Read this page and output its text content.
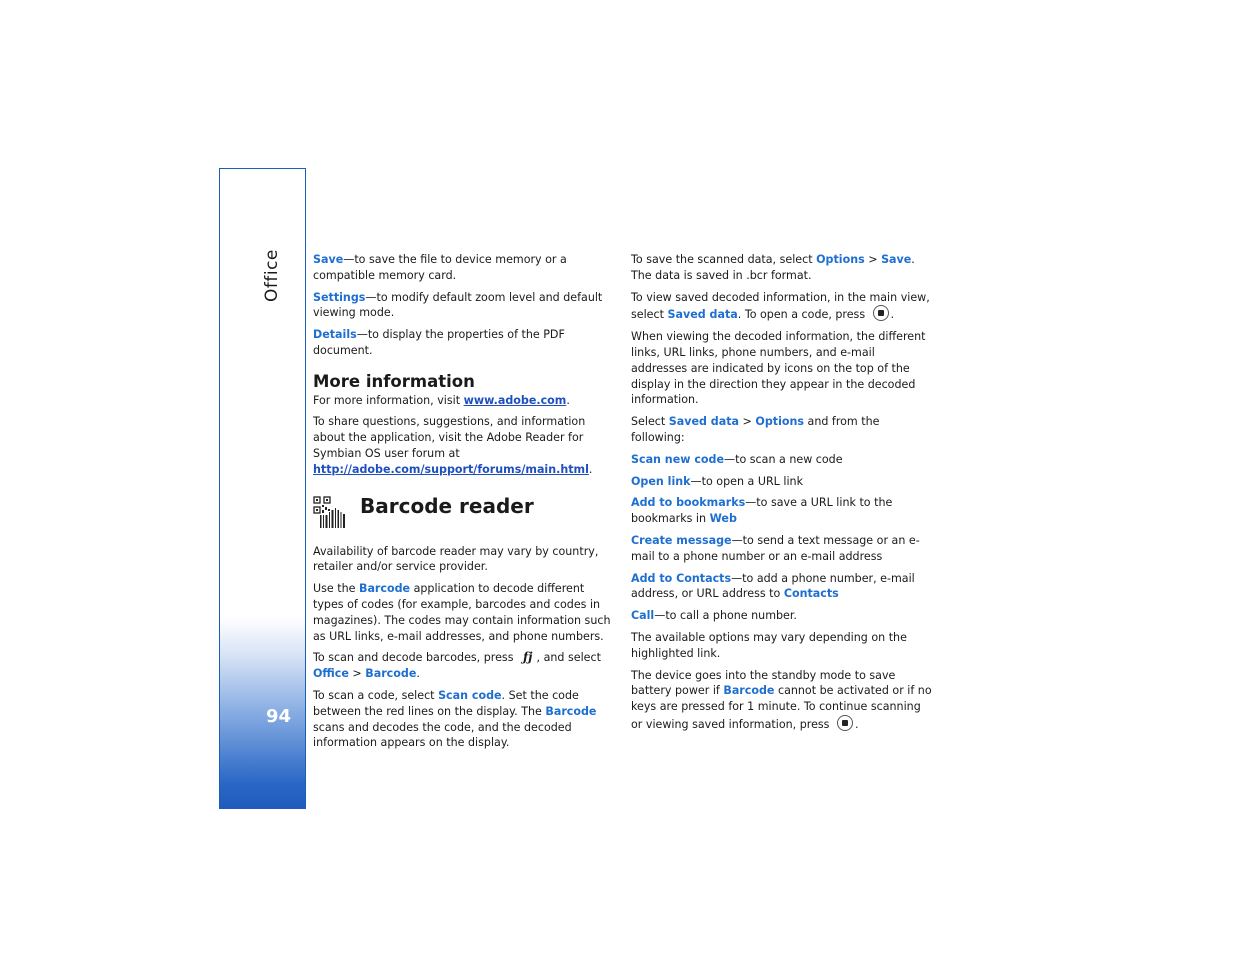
Office
94

Save—to save the file to device memory or a compatible memory card.

Settings—to modify default zoom level and default viewing mode.

Details—to display the properties of the PDF document.

More information

For more information, visit www.adobe.com.

To share questions, suggestions, and information about the application, visit the Adobe Reader for Symbian OS user forum at http://adobe.com/support/forums/main.html.

Barcode reader

Availability of barcode reader may vary by country, retailer and/or service provider.

Use the Barcode application to decode different types of codes (for example, barcodes and codes in magazines). The codes may contain information such as URL links, e-mail addresses, and phone numbers.

To scan and decode barcodes, press ƒj , and select Office > Barcode.

To scan a code, select Scan code. Set the code between the red lines on the display. The Barcode scans and decodes the code, and the decoded information appears on the display.

To save the scanned data, select Options > Save. The data is saved in .bcr format.

To view saved decoded information, in the main view, select Saved data. To open a code, press .

When viewing the decoded information, the different links, URL links, phone numbers, and e-mail addresses are indicated by icons on the top of the display in the direction they appear in the decoded information.

Select Saved data > Options and from the following:

Scan new code—to scan a new code

Open link—to open a URL link

Add to bookmarks—to save a URL link to the bookmarks in Web

Create message—to send a text message or an e-mail to a phone number or an e-mail address

Add to Contacts—to add a phone number, e-mail address, or URL address to Contacts

Call—to call a phone number.

The available options may vary depending on the highlighted link.

The device goes into the standby mode to save battery power if Barcode cannot be activated or if no keys are pressed for 1 minute. To continue scanning or viewing saved information, press .
